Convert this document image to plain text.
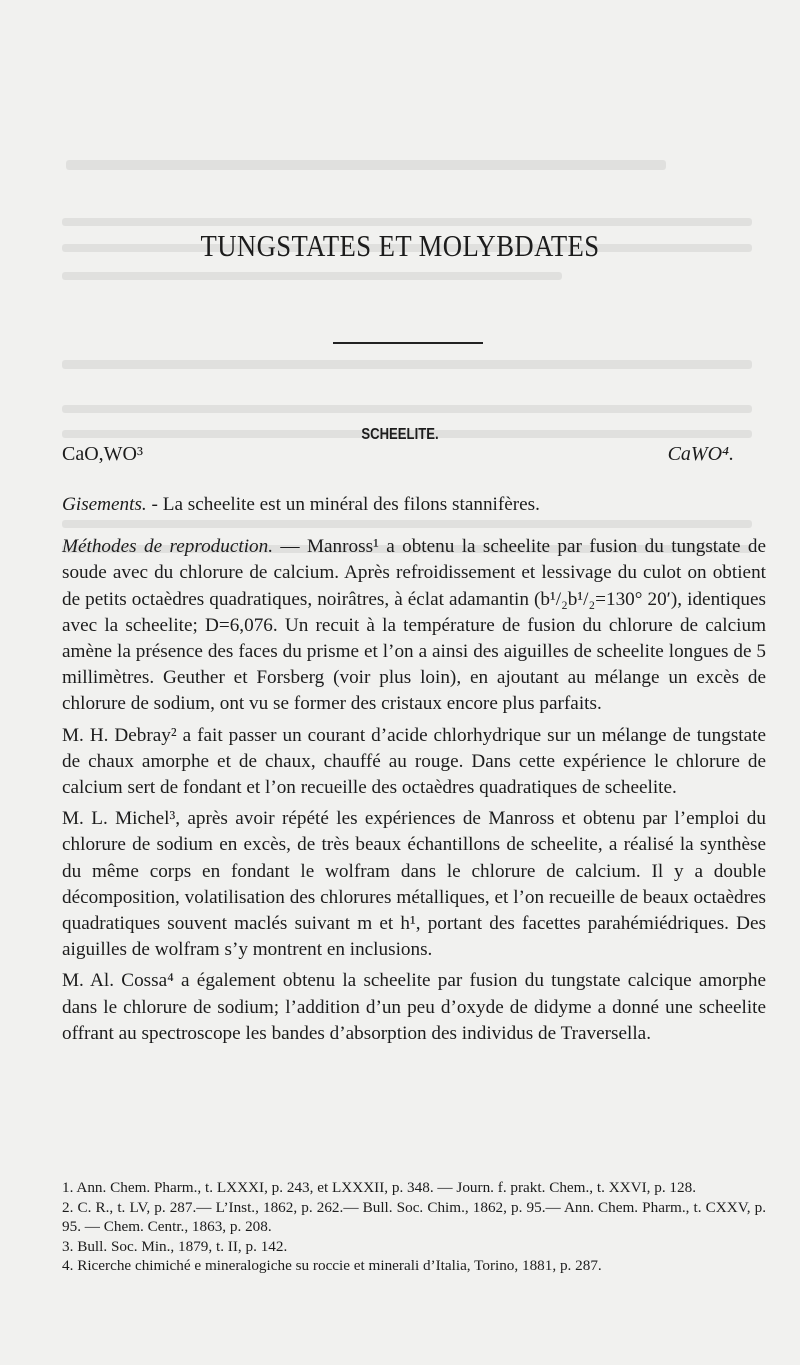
TUNGSTATES ET MOLYBDATES
SCHEELITE.
CaO,WO³	CaWO⁴.

Gisements. - La scheelite est un minéral des filons stannifères.

Méthodes de reproduction. — Manross¹ a obtenu la scheelite par fusion du tungstate de soude avec du chlorure de calcium. Après refroidissement et lessivage du culot on obtient de petits octaèdres quadratiques, noirâtres, à éclat adamantin (b¹/₂b¹/₂=130° 20′), identiques avec la scheelite; D=6,076. Un recuit à la température de fusion du chlorure de calcium amène la présence des faces du prisme et l’on a ainsi des aiguilles de scheelite longues de 5 millimètres. Geuther et Forsberg (voir plus loin), en ajoutant au mélange un excès de chlorure de sodium, ont vu se former des cristaux encore plus parfaits.

M. H. Debray² a fait passer un courant d’acide chlorhydrique sur un mélange de tungstate de chaux amorphe et de chaux, chauffé au rouge. Dans cette expérience le chlorure de calcium sert de fondant et l’on recueille des octaèdres quadratiques de scheelite.

M. L. Michel³, après avoir répété les expériences de Manross et obtenu par l’emploi du chlorure de sodium en excès, de très beaux échantillons de scheelite, a réalisé la synthèse du même corps en fondant le wolfram dans le chlorure de calcium. Il y a double décomposition, volatilisation des chlorures métalliques, et l’on recueille de beaux octaèdres quadratiques souvent maclés suivant m et h¹, portant des facettes parahémiédriques. Des aiguilles de wolfram s’y montrent en inclusions.

M. Al. Cossa⁴ a également obtenu la scheelite par fusion du tungstate calcique amorphe dans le chlorure de sodium; l’addition d’un peu d’oxyde de didyme a donné une scheelite offrant au spectroscope les bandes d’absorption des individus de Traversella.

1. Ann. Chem. Pharm., t. LXXXI, p. 243, et LXXXII, p. 348. — Journ. f. prakt. Chem., t. XXVI, p. 128.

2. C. R., t. LV, p. 287.— L’Inst., 1862, p. 262.— Bull. Soc. Chim., 1862, p. 95.— Ann. Chem. Pharm., t. CXXV, p. 95. — Chem. Centr., 1863, p. 208.

3. Bull. Soc. Min., 1879, t. II, p. 142.

4. Ricerche chimiché e mineralogiche su roccie et minerali d’Italia, Torino, 1881, p. 287.
